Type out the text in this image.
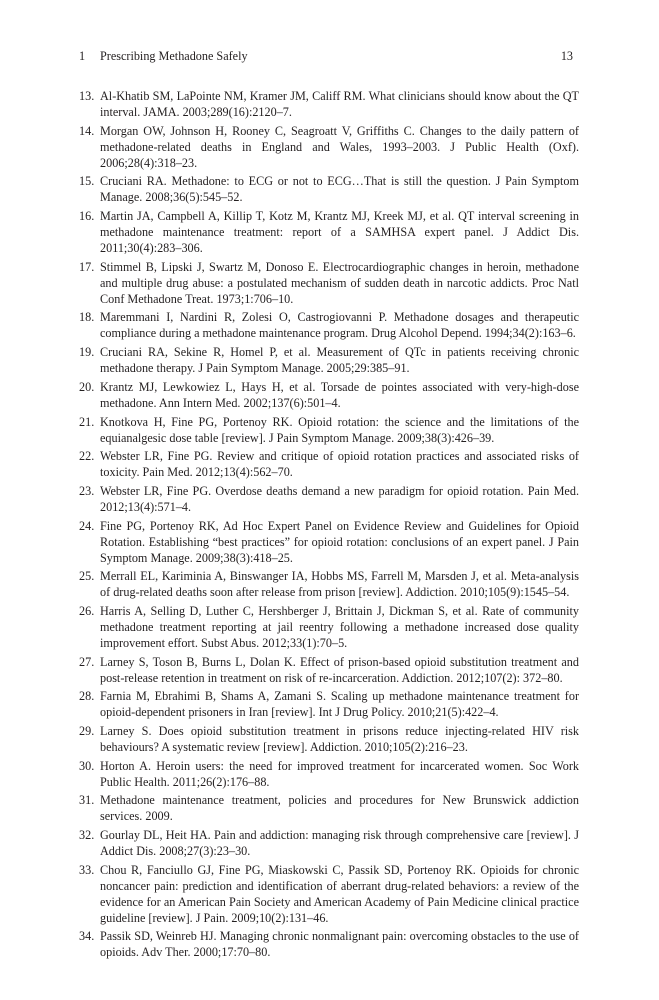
1 Prescribing Methadone Safely	13
13. Al-Khatib SM, LaPointe NM, Kramer JM, Califf RM. What clinicians should know about the QT interval. JAMA. 2003;289(16):2120–7.
14. Morgan OW, Johnson H, Rooney C, Seagroatt V, Griffiths C. Changes to the daily pattern of methadone-related deaths in England and Wales, 1993–2003. J Public Health (Oxf). 2006;28(4):318–23.
15. Cruciani RA. Methadone: to ECG or not to ECG…That is still the question. J Pain Symptom Manage. 2008;36(5):545–52.
16. Martin JA, Campbell A, Killip T, Kotz M, Krantz MJ, Kreek MJ, et al. QT interval screening in methadone maintenance treatment: report of a SAMHSA expert panel. J Addict Dis. 2011;30(4):283–306.
17. Stimmel B, Lipski J, Swartz M, Donoso E. Electrocardiographic changes in heroin, methadone and multiple drug abuse: a postulated mechanism of sudden death in narcotic addicts. Proc Natl Conf Methadone Treat. 1973;1:706–10.
18. Maremmani I, Nardini R, Zolesi O, Castrogiovanni P. Methadone dosages and therapeutic compliance during a methadone maintenance program. Drug Alcohol Depend. 1994;34(2):163–6.
19. Cruciani RA, Sekine R, Homel P, et al. Measurement of QTc in patients receiving chronic methadone therapy. J Pain Symptom Manage. 2005;29:385–91.
20. Krantz MJ, Lewkowiez L, Hays H, et al. Torsade de pointes associated with very-high-dose methadone. Ann Intern Med. 2002;137(6):501–4.
21. Knotkova H, Fine PG, Portenoy RK. Opioid rotation: the science and the limitations of the equianalgesic dose table [review]. J Pain Symptom Manage. 2009;38(3):426–39.
22. Webster LR, Fine PG. Review and critique of opioid rotation practices and associated risks of toxicity. Pain Med. 2012;13(4):562–70.
23. Webster LR, Fine PG. Overdose deaths demand a new paradigm for opioid rotation. Pain Med. 2012;13(4):571–4.
24. Fine PG, Portenoy RK, Ad Hoc Expert Panel on Evidence Review and Guidelines for Opioid Rotation. Establishing “best practices” for opioid rotation: conclusions of an expert panel. J Pain Symptom Manage. 2009;38(3):418–25.
25. Merrall EL, Kariminia A, Binswanger IA, Hobbs MS, Farrell M, Marsden J, et al. Meta-analysis of drug-related deaths soon after release from prison [review]. Addiction. 2010;105(9):1545–54.
26. Harris A, Selling D, Luther C, Hershberger J, Brittain J, Dickman S, et al. Rate of community methadone treatment reporting at jail reentry following a methadone increased dose quality improvement effort. Subst Abus. 2012;33(1):70–5.
27. Larney S, Toson B, Burns L, Dolan K. Effect of prison-based opioid substitution treatment and post-release retention in treatment on risk of re-incarceration. Addiction. 2012;107(2): 372–80.
28. Farnia M, Ebrahimi B, Shams A, Zamani S. Scaling up methadone maintenance treatment for opioid-dependent prisoners in Iran [review]. Int J Drug Policy. 2010;21(5):422–4.
29. Larney S. Does opioid substitution treatment in prisons reduce injecting-related HIV risk behaviours? A systematic review [review]. Addiction. 2010;105(2):216–23.
30. Horton A. Heroin users: the need for improved treatment for incarcerated women. Soc Work Public Health. 2011;26(2):176–88.
31. Methadone maintenance treatment, policies and procedures for New Brunswick addiction services. 2009.
32. Gourlay DL, Heit HA. Pain and addiction: managing risk through comprehensive care [review]. J Addict Dis. 2008;27(3):23–30.
33. Chou R, Fanciullo GJ, Fine PG, Miaskowski C, Passik SD, Portenoy RK. Opioids for chronic noncancer pain: prediction and identification of aberrant drug-related behaviors: a review of the evidence for an American Pain Society and American Academy of Pain Medicine clinical practice guideline [review]. J Pain. 2009;10(2):131–46.
34. Passik SD, Weinreb HJ. Managing chronic nonmalignant pain: overcoming obstacles to the use of opioids. Adv Ther. 2000;17:70–80.
